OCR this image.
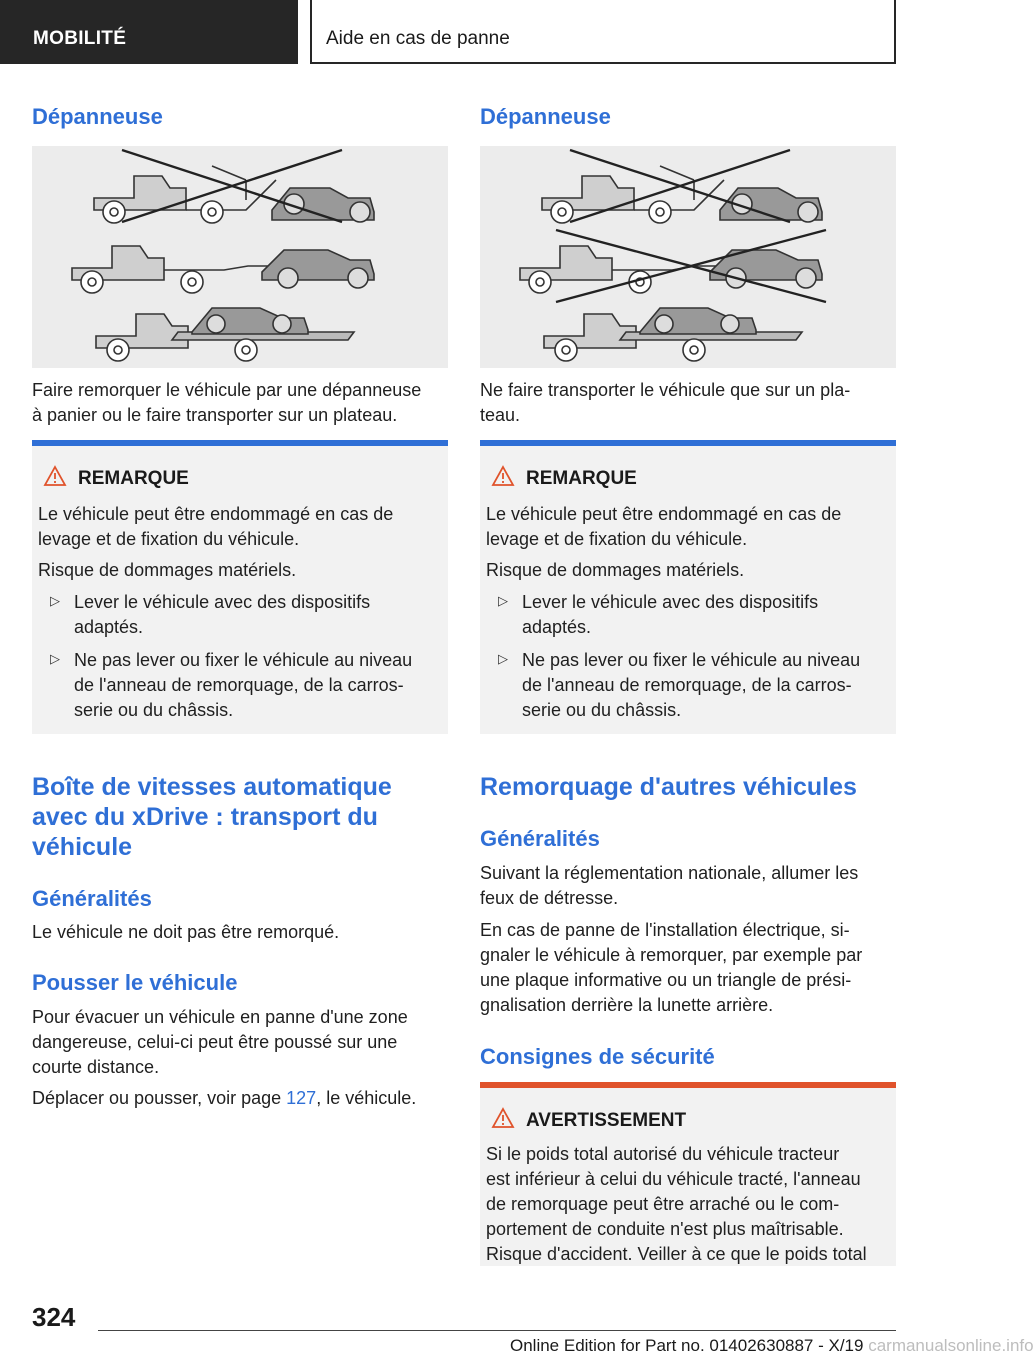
MOBILITÉ	Aide en cas de panne
Dépanneuse
Faire remorquer le véhicule par une dépanneuse
à panier ou le faire transporter sur un plateau.
REMARQUE
Le véhicule peut être endommagé en cas de
levage et de fixation du véhicule.
Risque de dommages matériels.
▷ Lever le véhicule avec des dispositifs
adaptés.
▷ Ne pas lever ou fixer le véhicule au niveau
de l'anneau de remorquage, de la carros-
serie ou du châssis.
Boîte de vitesses automatique
avec du xDrive : transport du
véhicule
Généralités
Le véhicule ne doit pas être remorqué.
Pousser le véhicule
Pour évacuer un véhicule en panne d'une zone
dangereuse, celui-ci peut être poussé sur une
courte distance.
Déplacer ou pousser, voir page 127, le véhicule.
Dépanneuse
Ne faire transporter le véhicule que sur un pla-
teau.
REMARQUE
Le véhicule peut être endommagé en cas de
levage et de fixation du véhicule.
Risque de dommages matériels.
▷ Lever le véhicule avec des dispositifs
adaptés.
▷ Ne pas lever ou fixer le véhicule au niveau
de l'anneau de remorquage, de la carros-
serie ou du châssis.
Remorquage d'autres véhicules
Généralités
Suivant la réglementation nationale, allumer les
feux de détresse.
En cas de panne de l'installation électrique, si-
gnaler le véhicule à remorquer, par exemple par
une plaque informative ou un triangle de prési-
gnalisation derrière la lunette arrière.
Consignes de sécurité
AVERTISSEMENT
Si le poids total autorisé du véhicule tracteur
est inférieur à celui du véhicule tracté, l'anneau
de remorquage peut être arraché ou le com-
portement de conduite n'est plus maîtrisable.
Risque d'accident. Veiller à ce que le poids total
324
Online Edition for Part no. 01402630887 - X/19 carmanualsonline.info
